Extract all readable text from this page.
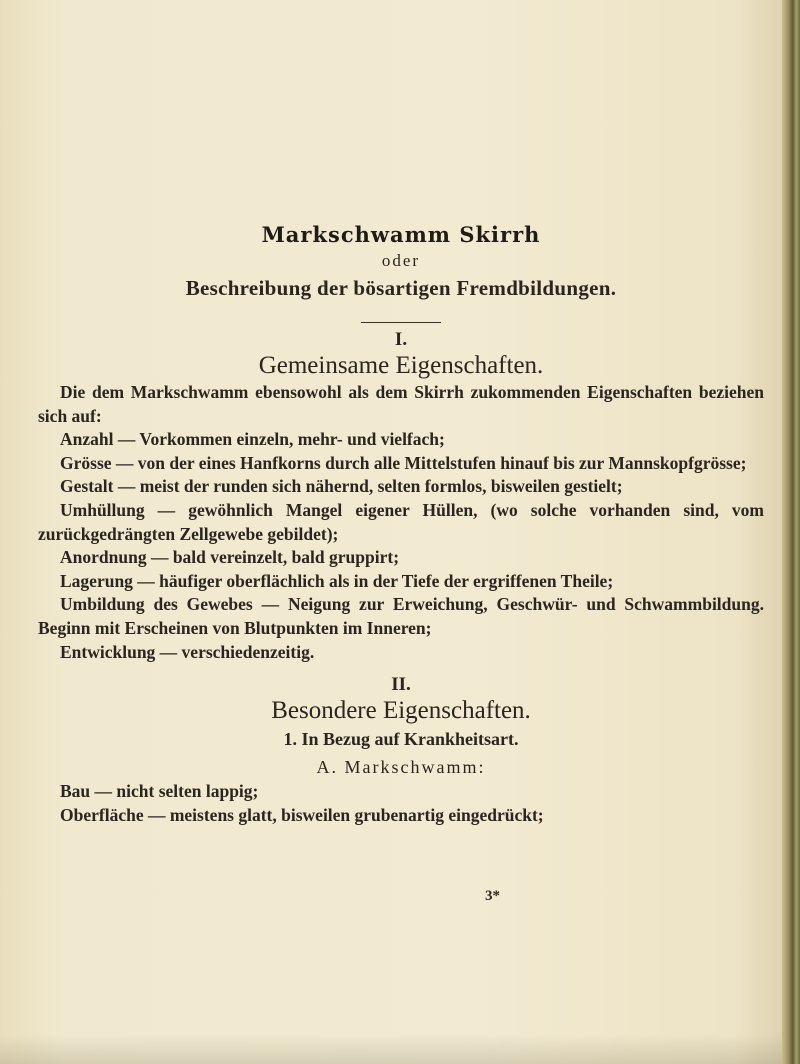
Markschwamm Skirrh

oder

Beschreibung der bösartigen Fremdbildungen.

I.

Gemeinsame Eigenschaften.

Die dem Markschwamm ebensowohl als dem Skirrh zukommenden Eigenschaften beziehen sich auf:

Anzahl — Vorkommen einzeln, mehr- und vielfach;

Grösse — von der eines Hanfkorns durch alle Mittelstufen hinauf bis zur Mannskopfgrösse;

Gestalt — meist der runden sich nähernd, selten formlos, bisweilen gestielt;

Umhüllung — gewöhnlich Mangel eigener Hüllen, (wo solche vorhanden sind, vom zurückgedrängten Zellgewebe gebildet);

Anordnung — bald vereinzelt, bald gruppirt;

Lagerung — häufiger oberflächlich als in der Tiefe der ergriffenen Theile;

Umbildung des Gewebes — Neigung zur Erweichung, Geschwür- und Schwammbildung. Beginn mit Erscheinen von Blutpunkten im Inneren;

Entwicklung — verschiedenzeitig.

II.

Besondere Eigenschaften.

1. In Bezug auf Krankheitsart.

A. Markschwamm:

Bau — nicht selten lappig;

Oberfläche — meistens glatt, bisweilen grubenartig eingedrückt;

3*
